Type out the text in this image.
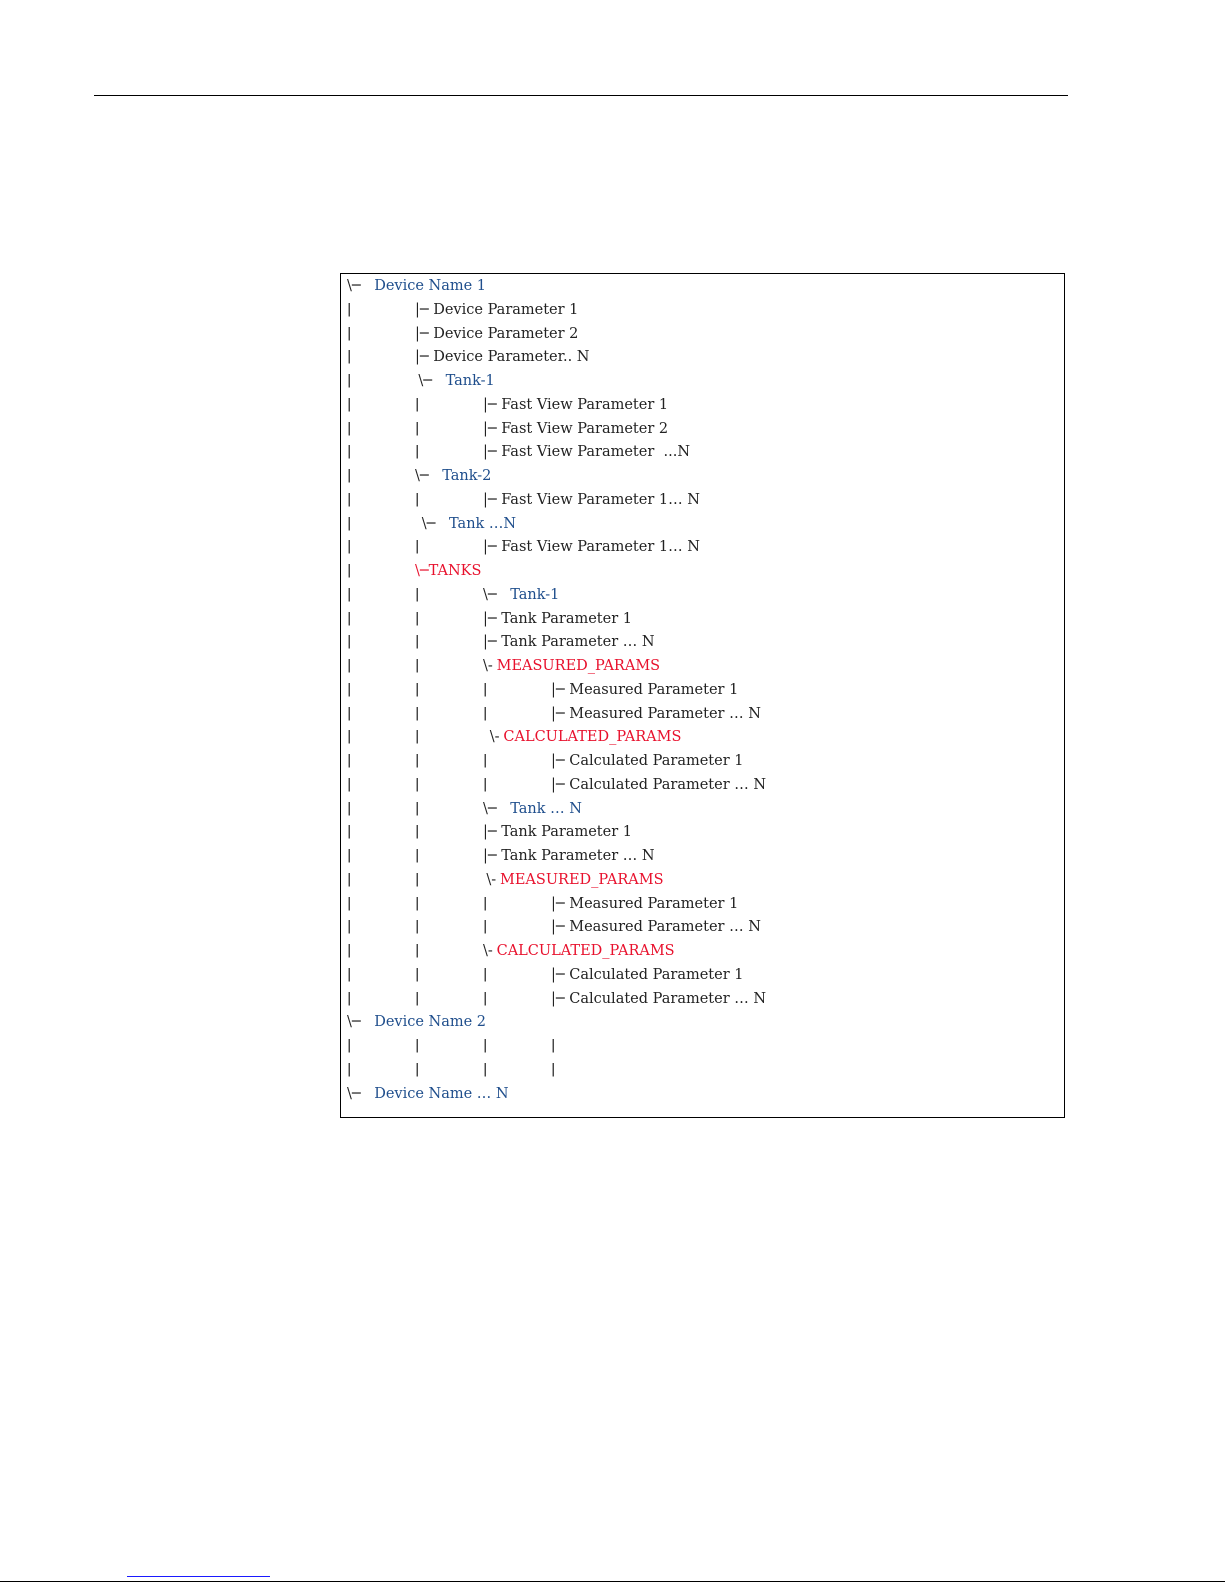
\─ Device Name 1
|	|─ Device Parameter 1
|	|─ Device Parameter 2
|	|─ Device Parameter.. N
|	\─ Tank-1
|	|	|─ Fast View Parameter 1
|	|	|─ Fast View Parameter 2
|	|	|─ Fast View Parameter  ...N
|	\─ Tank-2
|	|	|─ Fast View Parameter 1… N
|	\─ Tank …N
|	|	|─ Fast View Parameter 1… N
|	\─TANKS
|	|	\─ Tank-1
|	|	|─ Tank Parameter 1
|	|	|─ Tank Parameter … N
|	|	\- MEASURED_PARAMS
|	|	|	|─ Measured Parameter 1
|	|	|	|─ Measured Parameter … N
|	|	\- CALCULATED_PARAMS
|	|	|	|─ Calculated Parameter 1
|	|	|	|─ Calculated Parameter … N
|	|	\─ Tank … N
|	|	|─ Tank Parameter 1
|	|	|─ Tank Parameter … N
|	|	\- MEASURED_PARAMS
|	|	|	|─ Measured Parameter 1
|	|	|	|─ Measured Parameter … N
|	|	\- CALCULATED_PARAMS
|	|	|	|─ Calculated Parameter 1
|	|	|	|─ Calculated Parameter … N
\─ Device Name 2
|	|	|	|
|	|	|	|
\─ Device Name … N
